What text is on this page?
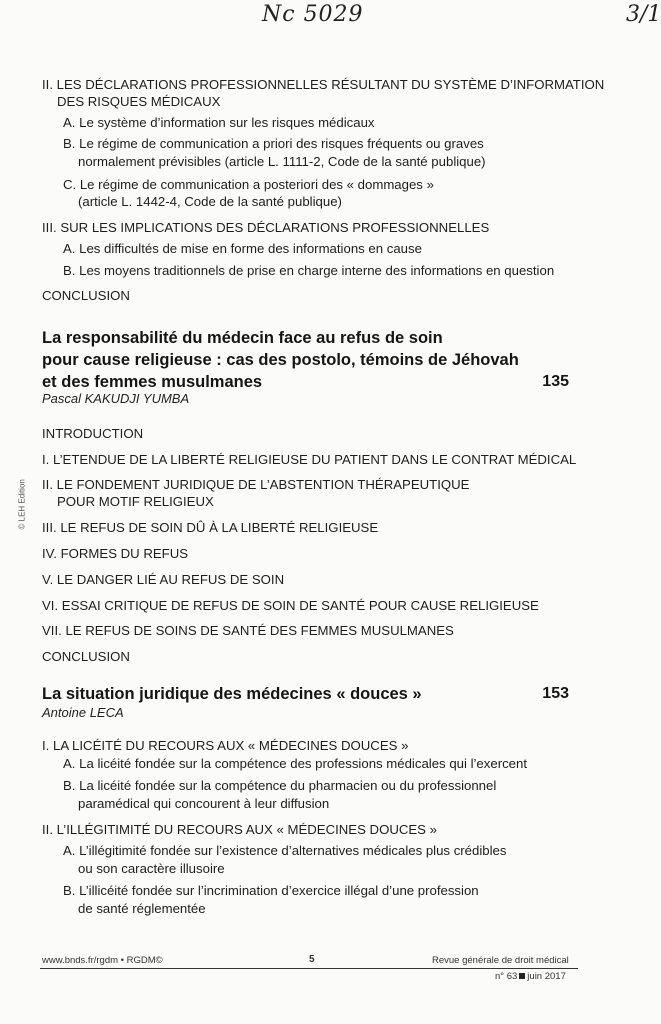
Nc 5029	3/1
© LEH Edition
II. LES DÉCLARATIONS PROFESSIONNELLES RÉSULTANT DU SYSTÈME D’INFORMATION
DES RISQUES MÉDICAUX
A. Le système d’information sur les risques médicaux
B. Le régime de communication a priori des risques fréquents ou graves
normalement prévisibles (article L. 1111-2, Code de la santé publique)
C. Le régime de communication a posteriori des « dommages »
(article L. 1442-4, Code de la santé publique)
III. SUR LES IMPLICATIONS DES DÉCLARATIONS PROFESSIONNELLES
A. Les difficultés de mise en forme des informations en cause
B. Les moyens traditionnels de prise en charge interne des informations en question
CONCLUSION
La responsabilité du médecin face au refus de soin
pour cause religieuse : cas des postolo, témoins de Jéhovah
et des femmes musulmanes	135
Pascal KAKUDJI YUMBA
INTRODUCTION
I. L’ETENDUE DE LA LIBERTÉ RELIGIEUSE DU PATIENT DANS LE CONTRAT MÉDICAL
II. LE FONDEMENT JURIDIQUE DE L’ABSTENTION THÉRAPEUTIQUE
POUR MOTIF RELIGIEUX
III. LE REFUS DE SOIN DÛ À LA LIBERTÉ RELIGIEUSE
IV. FORMES DU REFUS
V. LE DANGER LIÉ AU REFUS DE SOIN
VI. ESSAI CRITIQUE DE REFUS DE SOIN DE SANTÉ POUR CAUSE RELIGIEUSE
VII. LE REFUS DE SOINS DE SANTÉ DES FEMMES MUSULMANES
CONCLUSION
La situation juridique des médecines « douces »	153
Antoine LECA
I. LA LICÉITÉ DU RECOURS AUX « MÉDECINES DOUCES »
A. La licéité fondée sur la compétence des professions médicales qui l’exercent
B. La licéité fondée sur la compétence du pharmacien ou du professionnel
paramédical qui concourent à leur diffusion
II. L’ILLÉGITIMITÉ DU RECOURS AUX « MÉDECINES DOUCES »
A. L’illégitimité fondée sur l’existence d’alternatives médicales plus crédibles
ou son caractère illusoire
B. L’illicéité fondée sur l’incrimination d’exercice illégal d’une profession
de santé réglementée
www.bnds.fr/rgdm • RGDM©	5	Revue générale de droit médical
n° 63 juin 2017
